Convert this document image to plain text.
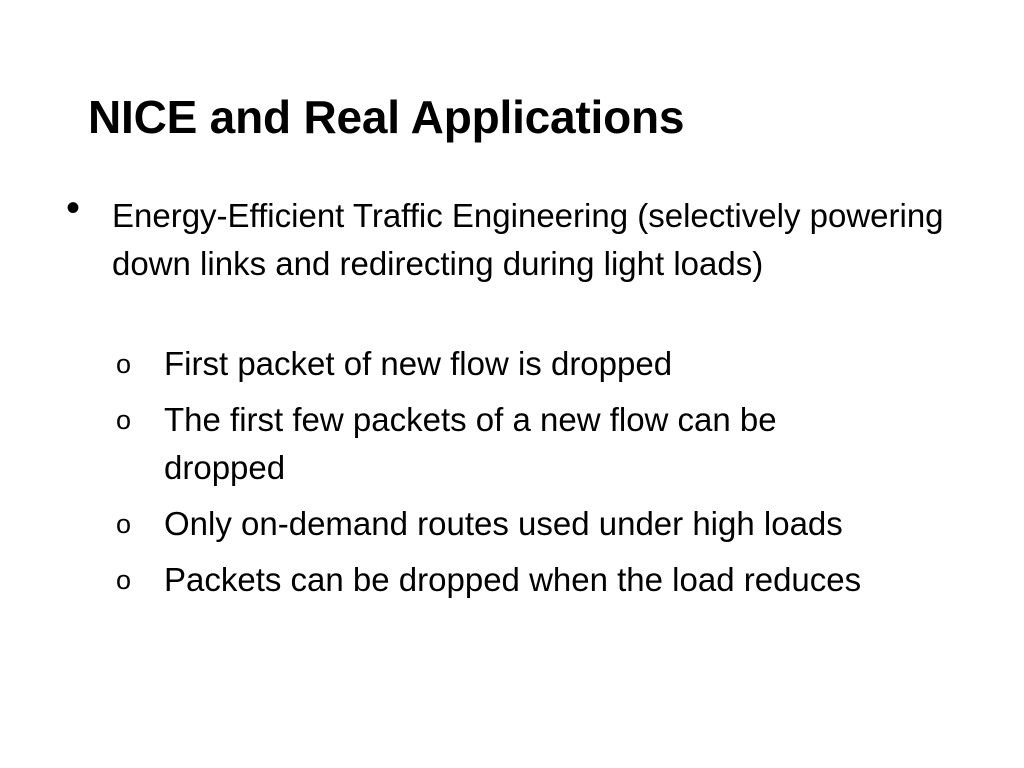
NICE and Real Applications
• Energy-Efficient Traffic Engineering (selectively powering down links and redirecting during light loads)
o First packet of new flow is dropped
o The first few packets of a new flow can be dropped
o Only on-demand routes used under high loads
o Packets can be dropped when the load reduces
